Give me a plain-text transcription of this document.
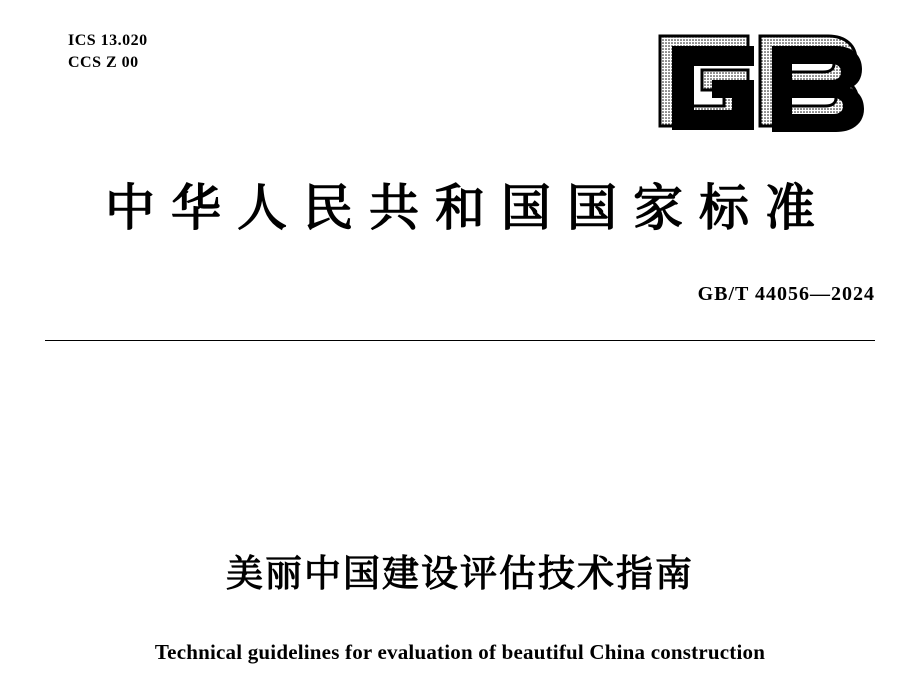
ICS 13.020
CCS Z 00
中华人民共和国国家标准
GB/T 44056—2024
美丽中国建设评估技术指南
Technical guidelines for evaluation of beautiful China construction
